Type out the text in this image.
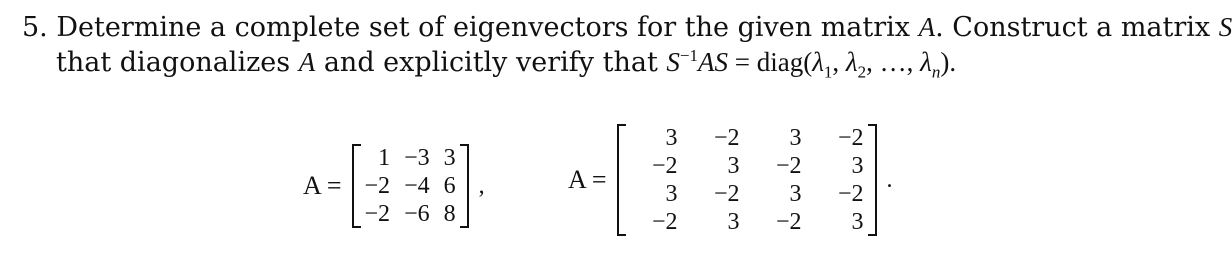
5. Determine a complete set of eigenvectors for the given matrix A. Construct a matrix S
that diagonalizes A and explicitly verify that $S^{-1}AS$ = $diag(\lambda_1$, $\lambda_2$, …, $\lambda_n$).
A =
1	−3	3
−2	−4	6
−2	−6	8
,	A =
3	−2	3	−2
−2	3	−2	3
3	−2	3	−2
−2	3	−2	3
.
